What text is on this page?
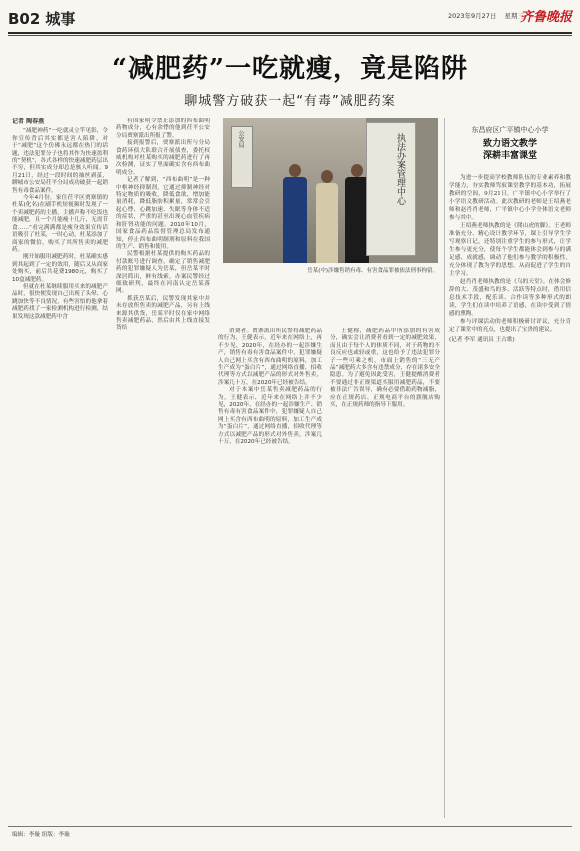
B02 城事	2023年9月27日 星期三
齐鲁晚报
“减肥药”一吃就瘦，竟是陷阱
聊城警方破获一起“有毒”减肥药案
记者 陶春燕

“减肥神药”一吃就灵立竿见影，令你宣传背后其实都是害人陷阱。对于“减肥”这个仿佛永远都在热门的话题，违法犯罪分子也将其作为快速盈利的“契机”，各式各样的快速减肥药层出不穷，但其实成分却总是骇人听闻。9月21日，经过一段时间的抽丝剥茧，聊城市公安局茌平分局成功破获一起销售有毒食品案件。

今年4月份，家住茌平区贾寨镇的杜某(化名)在刷手机短视频时发现了一个卖减肥药的主播，主播声称不吃饭也能减肥，且一个月能瘦十几斤，无需节食……“看完满满都是瘦身效果宣传话语吸引了杜某，一时心动，杜某添加了商家的微信，购买了其所售卖的减肥药。

刚开始服用减肥药时，杜某确实感到其起到了一定的效用，随后又从商家处购买，前后共花费1980元，购买了10盒减肥药。

但就在杜某继续服用买来的减肥产品时，很快便发现自己出现了头晕、心跳加快等不良情况，有些害怕的他拿着减肥药找了一家检测机构进行检测，结果发现这款减肥药中含

有国家明令禁止添加的西布曲明药物成分，心有余悸的他到茌平公安分局贾寨派出所报了警。

接到报警后，贾寨派出所与分局食药环侦大队联合开展侦查，委托权威机构对杜某购买的减肥药进行了再次检测，证实了里面确实含有西布曲明成分。

记者了解到，“西布曲明”是一种中枢神经抑制剂，它通过抑制神经对特定物质的吸收，降低食欲、增加能量消耗，降低脂肪积累量，常常会引起心悸、心跳加速、失眠等身体不适的症状，严重的甚至出现心血管疾病和肝肾功能的问题。2010年10月，国家食品药品监督管理总局发布通知，停止西布曲明制剂和原料在我国的生产、销售和使用。

民警根据杜某提供的购买药品的付款账号进行调查，确定了销售减肥药的犯罪嫌疑人为岳某，但岳某平时深居简出，鲜有线索，办案民警经过细致研判，最终在河南认定岳某落网。

抓获岳某后，民警发现其家中并未存放所售卖的减肥产品，另有上线来源其供货，岳某平时仅在家中网络售卖减肥药品，然后由其上线直接发货给

公安局	执法办案管理中心
岳某(中)涉嫌售销有毒、有害食品罪被依法刑事拘留。

消费者。贾寨派出所民警将减肥药品的行为，王健表示，近年来在网络上，再不少见，2020年，在经办的一起涉嫌生产，销售有毒有害食品案件中，犯罪嫌疑人自己网上买含有西布曲明的原料，加工生产成为“蛋白片”，通过网络直播，招收代理等方式以减肥产品的形式对外售卖，涉案几十万，在2020年已经被告结。

对于本案中岳某售卖减肥药品的行为，王健表示，近年来在网络上并不少见，2020年，在经办的一起涉嫌生产、销售有毒有害食品案件中，犯罪嫌疑人自己网上买含有西布曲明的原料，加工生产成为“蛋白片”，通过网络直播，招收代理等方式以减肥产品的形式对外售卖，涉案几十万，在2020年已经被告结。

王健称，减肥药品中所添加的有害成分，确实会让消费者看到一定的减肥效果，而且由于每个人的体质不同，对于药物的不良反应也或轻或重，这也给予了违法犯罪分子一些可乘之机，市面上销售的“三无产品”减肥药大多含有违禁成分，存在诸多安全隐患。为了避免因此受害，王健提醒消费者不要通过非正规渠道买服用减肥药品，不要被非法广告误导，确有必要借助药物减脂，应在正规药店、正规电商平台的旗舰店购买，在正规药师的指导下服用。

东昌府区广平镇中心小学
致力语文教学
深耕丰富课堂

为进一步提高学校教师队伍的专业素养和教学能力，夯实教师驾驭课堂教学的基本功，拓展教研的空间，9月21日，广平镇中心小学举行了小学语文教研活动。此次教研的老师是王绍燕老师和赵肖肖老师，广平镇中心小学全体语文老师参与其中。

王绍燕老师执教的是《爬山虎的脚》。王老师准备充分、精心设计教学环节，课上引导学生学写观察日记，还特别注重学生的参与形式，让学生参与更充分，使每个学生都能体会到参与的满足感、成就感，调动了他们参与教学的积极性，充分体现了教为学的思想，从而促进了学生的自主学习。

赵肖肖老师执教的是《乌的天堂》。在体会修辞的大、茂盛和鸟的多、活跃等特点时，借用信息技术手段，配乐读、合作读等多种形式的朗读，学生们在读中培养了语感，在读中受到了情感的熏陶。

参与评课活动的老师积极研讨评议，充分肯定了课堂中的亮点，也提出了宝贵的建议。

(记者 李军 通讯员 王占歌)
编辑：李璇 组版：李璇
